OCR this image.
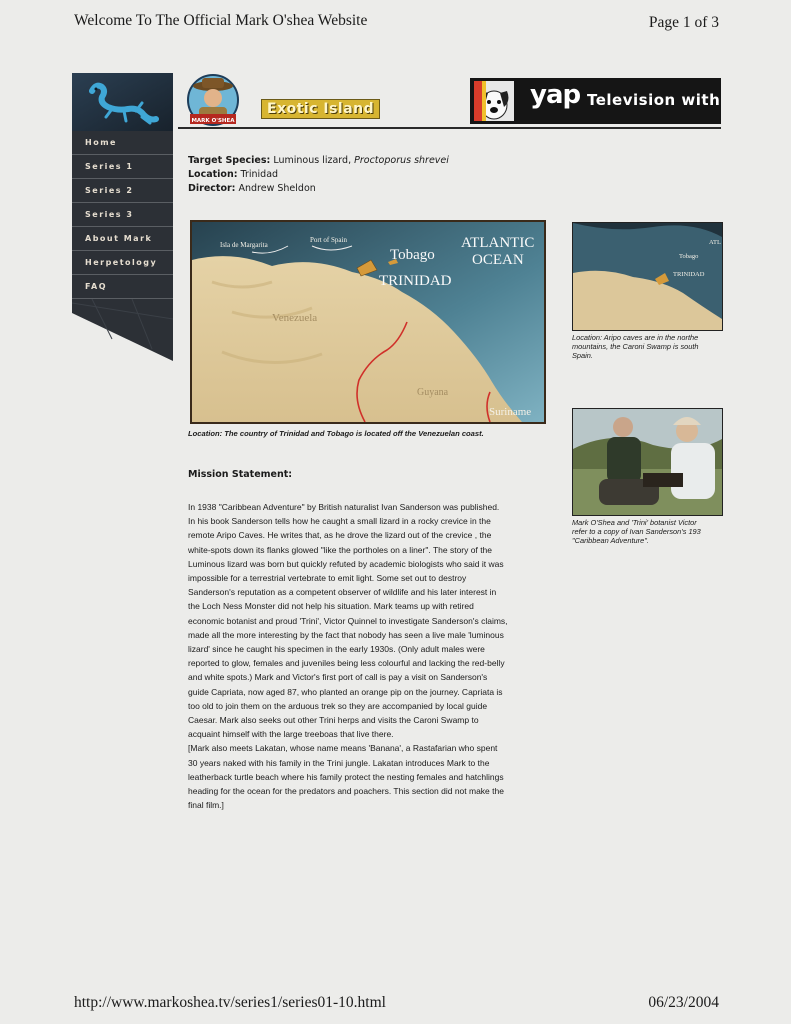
Welcome To The Official Mark O'shea Website	Page 1 of 3
Home
Series 1
Series 2
Series 3
About Mark
Herpetology
FAQ
MARK O'SHEA
Exotic Island	yap Television with
Target Species: Luminous lizard, Proctoporus shrevei
Location: Trinidad
Director: Andrew Sheldon
Isla de Margarita
Port of Spain
Tobago
TRINIDAD
ATLANTIC
OCEAN
Venezuela
Guyana
Suriname
Location: The country of Trinidad and Tobago is located off the Venezuelan coast.
Tobago
TRINIDAD
ATL
Location: Aripo caves are in the northe
mountains, the Caroni Swamp is south
Spain.
Mark O'Shea and 'Trini' botanist Victor
refer to a copy of Ivan Sanderson's 193
"Caribbean Adventure".
Mission Statement:

In 1938 "Caribbean Adventure" by British naturalist Ivan Sanderson was published. In his book Sanderson tells how he caught a small lizard in a rocky crevice in the remote Aripo Caves. He writes that, as he drove the lizard out of the crevice , the white-spots down its flanks glowed "like the portholes on a liner". The story of the Luminous lizard was born but quickly refuted by academic biologists who said it was impossible for a terrestrial vertebrate to emit light. Some set out to destroy Sanderson's reputation as a competent observer of wildlife and his later interest in the Loch Ness Monster did not help his situation. Mark teams up with retired economic botanist and proud 'Trini', Victor Quinnel to investigate Sanderson's claims, made all the more interesting by the fact that nobody has seen a live male 'luminous lizard' since he caught his specimen in the early 1930s. (Only adult males were reported to glow, females and juveniles being less colourful and lacking the red-belly and white spots.) Mark and Victor's first port of call is pay a visit on Sanderson's guide Capriata, now aged 87, who planted an orange pip on the journey. Capriata is too old to join them on the arduous trek so they are accompanied by local guide Caesar. Mark also seeks out other Trini herps and visits the Caroni Swamp to acquaint himself with the large treeboas that live there.

[Mark also meets Lakatan, whose name means 'Banana', a Rastafarian who spent 30 years naked with his family in the Trini jungle. Lakatan introduces Mark to the leatherback turtle beach where his family protect the nesting females and hatchlings heading for the ocean for the predators and poachers. This section did not make the final film.]

http://www.markoshea.tv/series1/series01-10.html	06/23/2004
